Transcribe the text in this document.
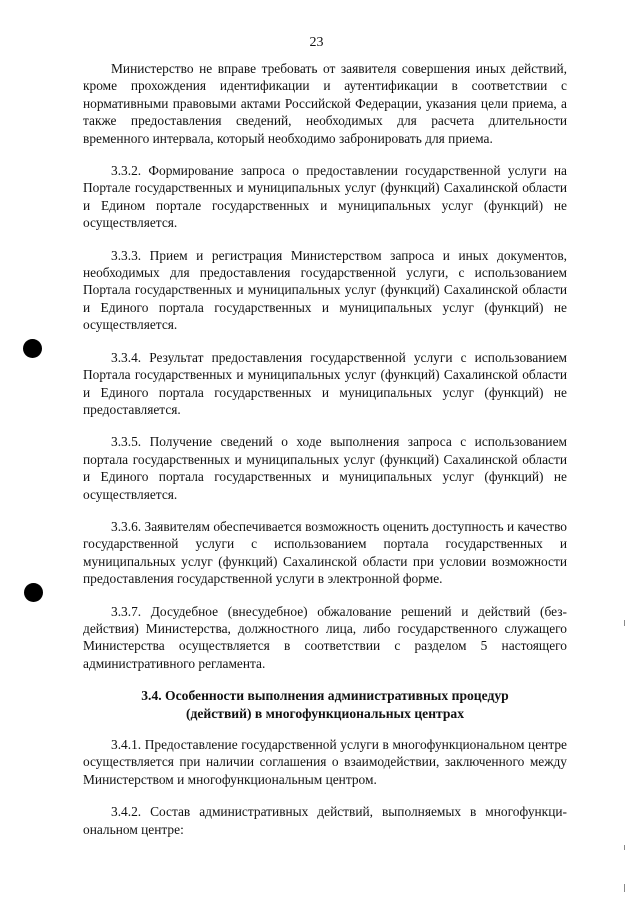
23

Министерство не вправе требовать от заявителя совершения иных действий, кроме прохождения идентификации и аутентификации в соответствии с нормативными правовыми актами Российской Федерации, указания цели приема, а также предоставления сведений, необходимых для расчета длительности временного интервала, который необходимо забронировать для приема.

3.3.2. Формирование запроса о предоставлении государственной услуги на Портале государственных и муниципальных услуг (функций) Сахалинской области и Едином портале государственных и муниципальных услуг (функций) не осуществляется.

3.3.3. Прием и регистрация Министерством запроса и иных документов, необходимых для предоставления государственной услуги, с использованием Портала государственных и муниципальных услуг (функций) Сахалинской области и Единого портала государственных и муниципальных услуг (функций) не осуществляется.

3.3.4. Результат предоставления государственной услуги с использованием Портала государственных и муниципальных услуг (функций) Сахалинской области и Единого портала государственных и муниципальных услуг (функций) не предоставляется.

3.3.5. Получение сведений о ходе выполнения запроса с использованием портала государственных и муниципальных услуг (функций) Сахалинской области и Единого портала государственных и муниципальных услуг (функций) не осуществляется.

3.3.6. Заявителям обеспечивается возможность оценить доступность и качество государственной услуги с использованием портала государственных и муниципальных услуг (функций) Сахалинской области при условии возможности предоставления государственной услуги в электронной форме.

3.3.7. Досудебное (внесудебное) обжалование решений и действий (бездействия) Министерства, должностного лица, либо государственного служащего Министерства осуществляется в соответствии с разделом 5 настоящего административного регламента.

3.4. Особенности выполнения административных процедур
(действий) в многофункциональных центрах

3.4.1. Предоставление государственной услуги в многофункциональном центре осуществляется при наличии соглашения о взаимодействии, заключенного между Министерством и многофункциональным центром.

3.4.2. Состав административных действий, выполняемых в многофункциональном центре:
